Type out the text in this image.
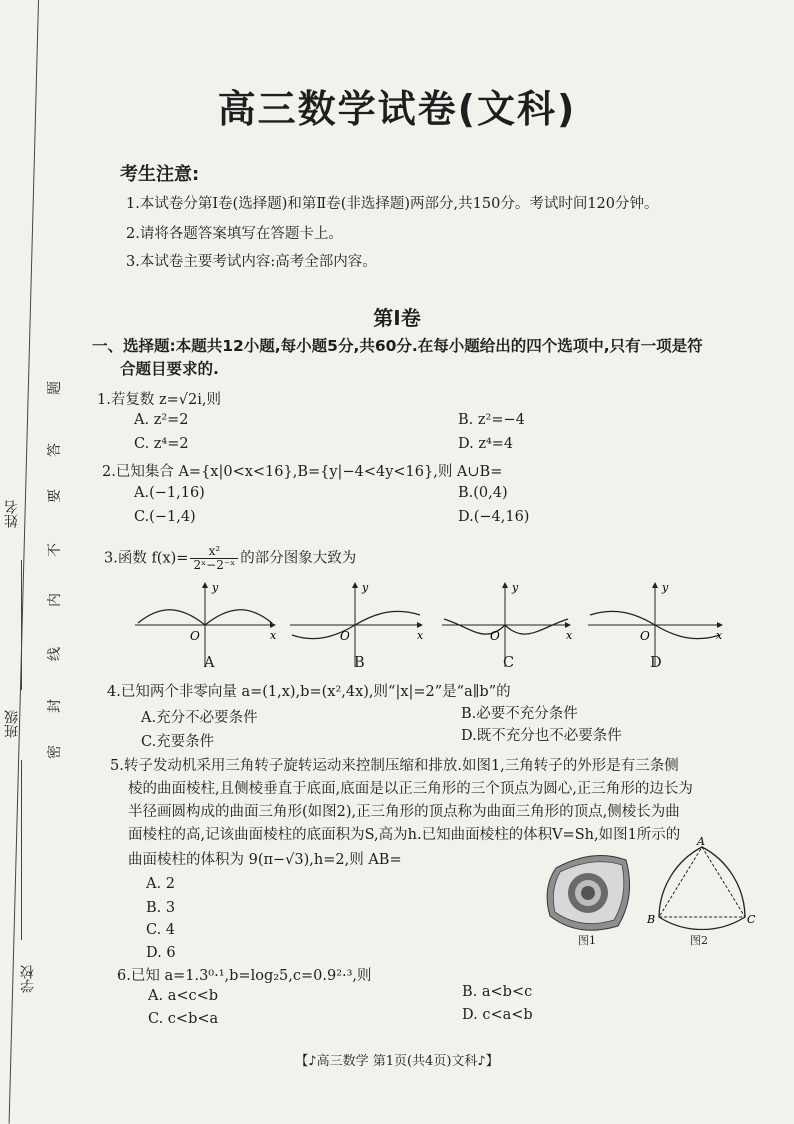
姓名
班级
学校
题
答
要
不
内
线
封
密
高三数学试卷(文科)
考生注意:
1.本试卷分第Ⅰ卷(选择题)和第Ⅱ卷(非选择题)两部分,共150分。考试时间120分钟。
2.请将各题答案填写在答题卡上。
3.本试卷主要考试内容:高考全部内容。
第Ⅰ卷
一、选择题:本题共12小题,每小题5分,共60分.在每小题给出的四个选项中,只有一项是符
合题目要求的.
1.若复数 z=√2i,则
A. z²=2	B. z²=−4
C. z⁴=2	D. z⁴=4
2.已知集合 A={x|0<x<16},B={y|−4<4y<16},则 A∪B=
A.(−1,16)	B.(0,4)
C.(−1,4)	D.(−4,16)
3.函数 $f(x)= \frac{\text{x²}}{\text{2ˣ−2⁻ˣ}}$ 的部分图象大致为
y
x
O
y
x
O
y
x
O
y
x
O
A	B	C	D
4.已知两个非零向量 a=(1,x),b=(x²,4x),则“|x|=2”是“a∥b”的
A.充分不必要条件	B.必要不充分条件
C.充要条件	D.既不充分也不必要条件
5.转子发动机采用三角转子旋转运动来控制压缩和排放.如图1,三角转子的外形是有三条侧
棱的曲面棱柱,且侧棱垂直于底面,底面是以正三角形的三个顶点为圆心,正三角形的边长为
半径画圆构成的曲面三角形(如图2),正三角形的顶点称为曲面三角形的顶点,侧棱长为曲
面棱柱的高,记该曲面棱柱的底面积为S,高为h.已知曲面棱柱的体积V=Sh,如图1所示的
曲面棱柱的体积为 9(π−√3),h=2,则 AB=
A. 2
B. 3
C. 4
D. 6
图1
A
B	C
图2
6.已知 a=1.3⁰·¹,b=log₂5,c=0.9²·³,则
A. a<c<b	B. a<b<c
C. c<b<a	D. c<a<b
【♪高三数学 第1页(共4页)文科♪】
